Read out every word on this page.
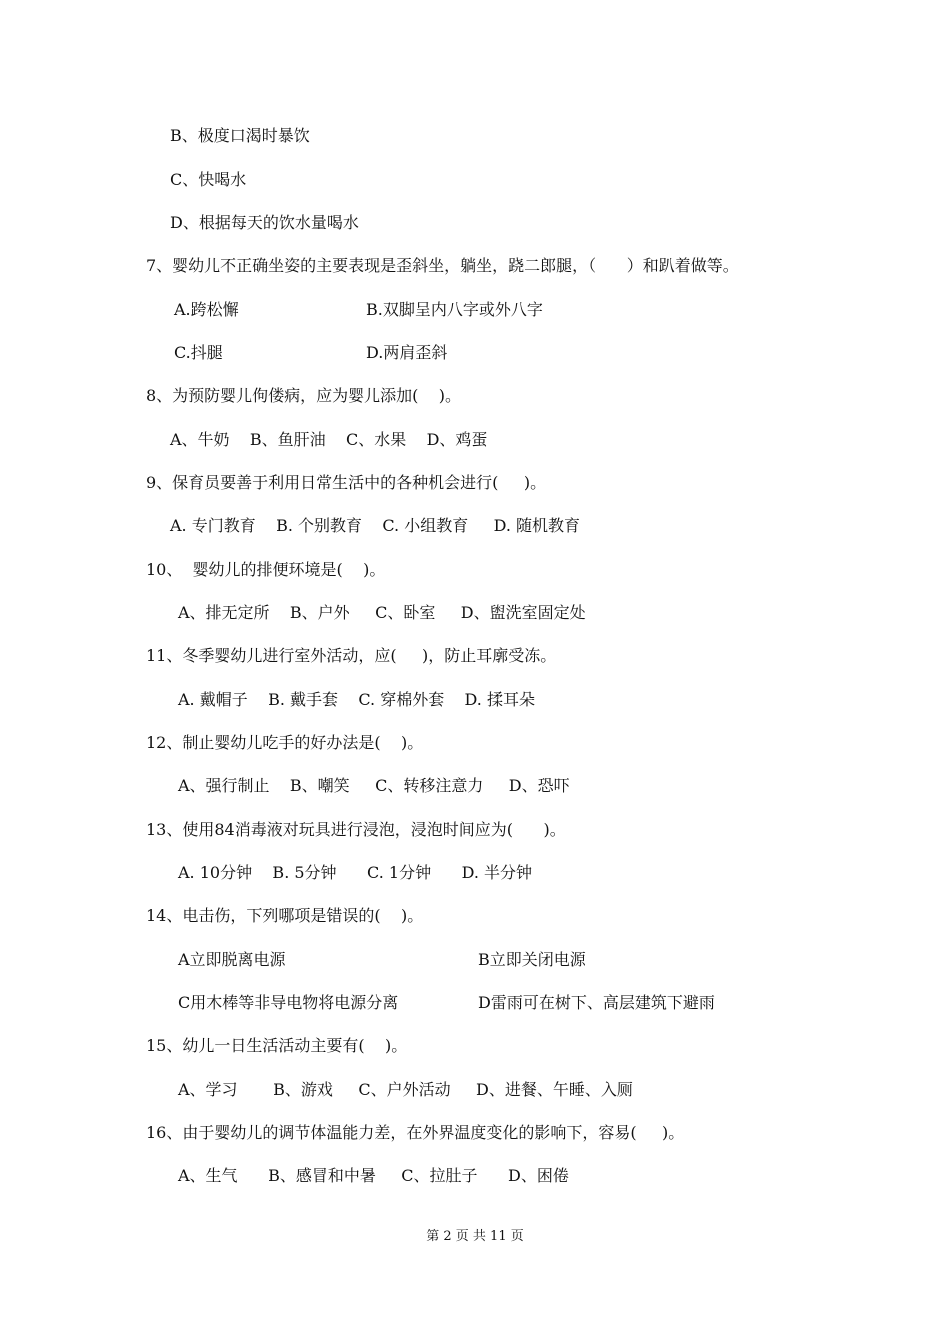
B、极度口渴时暴饮
C、快喝水
D、根据每天的饮水量喝水
7、婴幼儿不正确坐姿的主要表现是歪斜坐，躺坐，跷二郎腿，（      ）和趴着做等。
A.跨松懈	B.双脚呈内八字或外八字
C.抖腿	D.两肩歪斜
8、为预防婴儿佝偻病，应为婴儿添加(    )。
A、牛奶    B、鱼肝油    C、水果    D、鸡蛋
9、保育员要善于利用日常生活中的各种机会进行(     )。
A. 专门教育    B. 个别教育    C. 小组教育     D. 随机教育
10、  婴幼儿的排便环境是(    )。
A、排无定所    B、户外     C、卧室     D、盥洗室固定处
11、冬季婴幼儿进行室外活动，应(     )，防止耳廓受冻。
A. 戴帽子    B. 戴手套    C. 穿棉外套    D. 揉耳朵
12、制止婴幼儿吃手的好办法是(    )。
A、强行制止    B、嘲笑     C、转移注意力     D、恐吓
13、使用84消毒液对玩具进行浸泡，浸泡时间应为(      )。
A. 10分钟    B. 5分钟      C. 1分钟      D. 半分钟
14、电击伤，下列哪项是错误的(    )。
A立即脱离电源	B立即关闭电源
C用木棒等非导电物将电源分离	D雷雨可在树下、高层建筑下避雨
15、幼儿一日生活活动主要有(    )。
A、学习       B、游戏     C、户外活动     D、进餐、午睡、入厕
16、由于婴幼儿的调节体温能力差，在外界温度变化的影响下，容易(     )。
A、生气      B、感冒和中暑     C、拉肚子      D、困倦
第 2 页 共 11 页
